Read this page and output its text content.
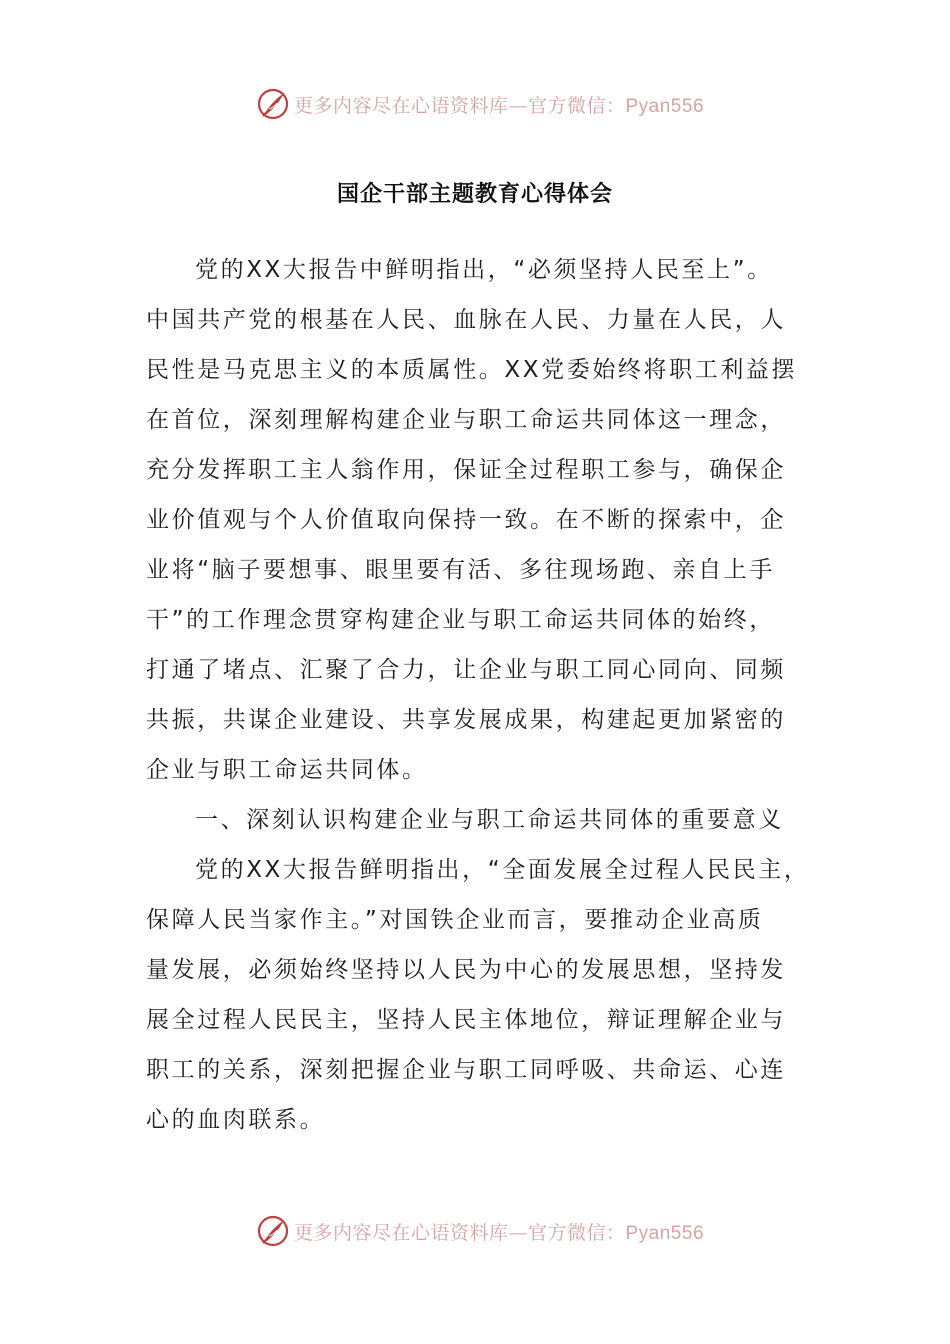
更多内容尽在心语资料库—官方微信：Pyan556
国企干部主题教育心得体会
党的XX大报告中鲜明指出，“必须坚持人民至上”。
中国共产党的根基在人民、血脉在人民、力量在人民，人
民性是马克思主义的本质属性。XX党委始终将职工利益摆
在首位，深刻理解构建企业与职工命运共同体这一理念，
充分发挥职工主人翁作用，保证全过程职工参与，确保企
业价值观与个人价值取向保持一致。在不断的探索中，企
业将“脑子要想事、眼里要有活、多往现场跑、亲自上手
干”的工作理念贯穿构建企业与职工命运共同体的始终，
打通了堵点、汇聚了合力，让企业与职工同心同向、同频
共振，共谋企业建设、共享发展成果，构建起更加紧密的
企业与职工命运共同体。
一、深刻认识构建企业与职工命运共同体的重要意义
党的XX大报告鲜明指出，“全面发展全过程人民民主，
保障人民当家作主。”对国铁企业而言，要推动企业高质
量发展，必须始终坚持以人民为中心的发展思想，坚持发
展全过程人民民主，坚持人民主体地位，辩证理解企业与
职工的关系，深刻把握企业与职工同呼吸、共命运、心连
心的血肉联系。
更多内容尽在心语资料库—官方微信：Pyan556
